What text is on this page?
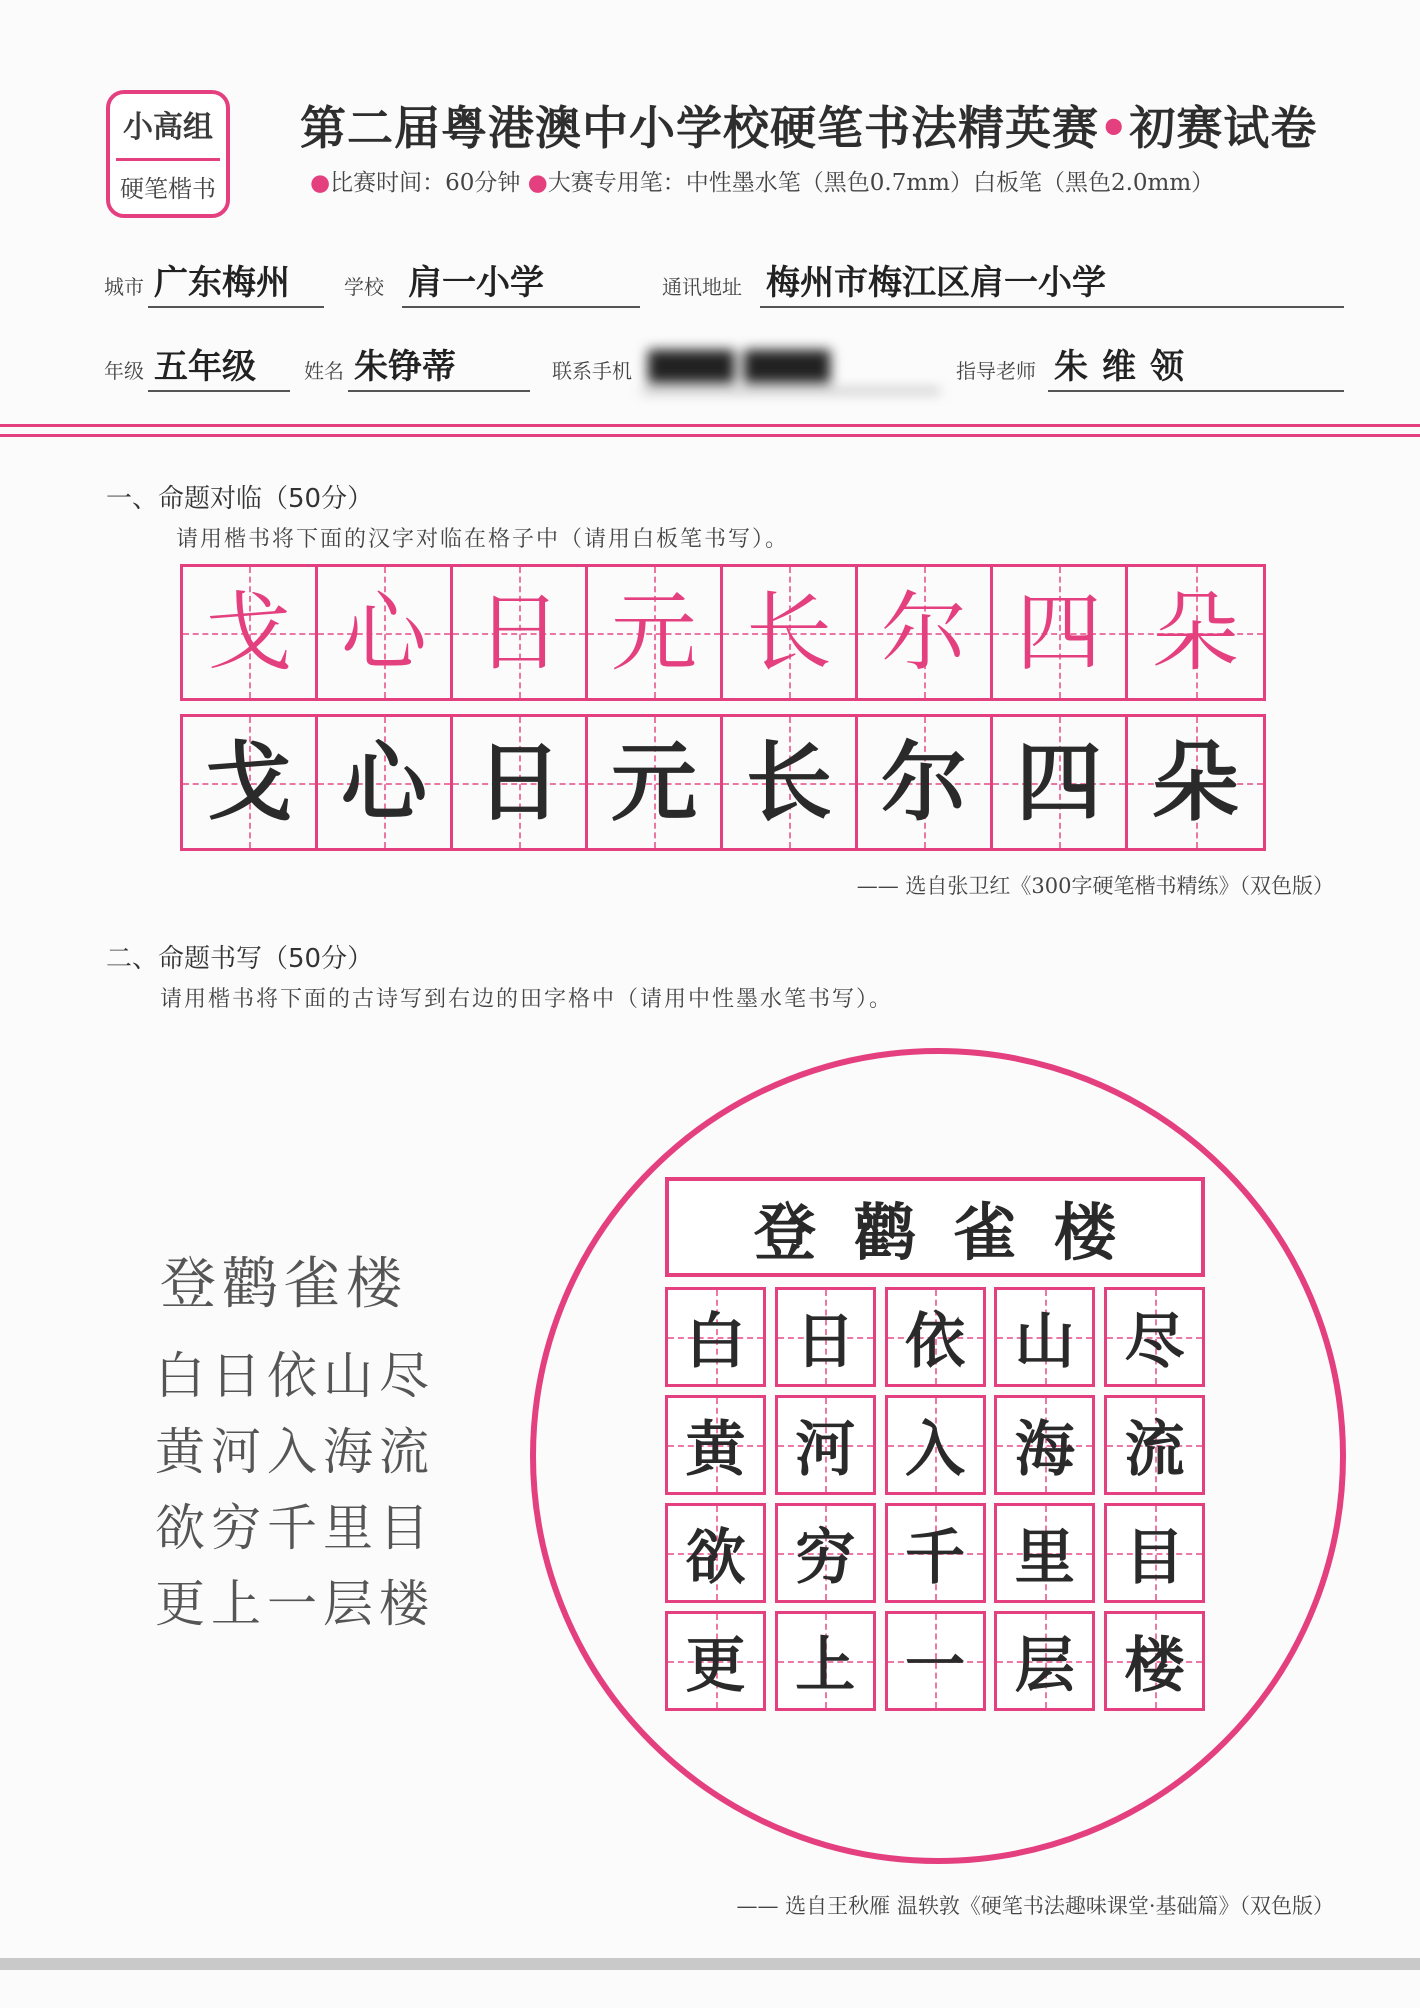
小高组
硬笔楷书
第二届粤港澳中小学校硬笔书法精英赛•初赛试卷
●比赛时间：60分钟 ●大赛专用笔：中性墨水笔（黑色0.7mm）白板笔（黑色2.0mm）
城市 广东梅州	学校 肩一小学	通讯地址 梅州市梅江区肩一小学
年级 五年级	姓名 朱铮蒂	联系手机 ████ ████	指导老师 朱维领
一、命题对临（50分）
请用楷书将下面的汉字对临在格子中（请用白板笔书写）。
戈 心 日 元 长 尔 四 朵
戈 心 日 元 长 尔 四 朵
—— 选自张卫红《300字硬笔楷书精练》（双色版）
二、命题书写（50分）
请用楷书将下面的古诗写到右边的田字格中（请用中性墨水笔书写）。
登鹳雀楼
白日依山尽
黄河入海流
欲穷千里目
更上一层楼
登鹳雀楼
白 日 依 山 尽
黄 河 入 海 流
欲 穷 千 里 目
更 上 一 层 楼
—— 选自王秋雁 温轶敦《硬笔书法趣味课堂·基础篇》（双色版）
